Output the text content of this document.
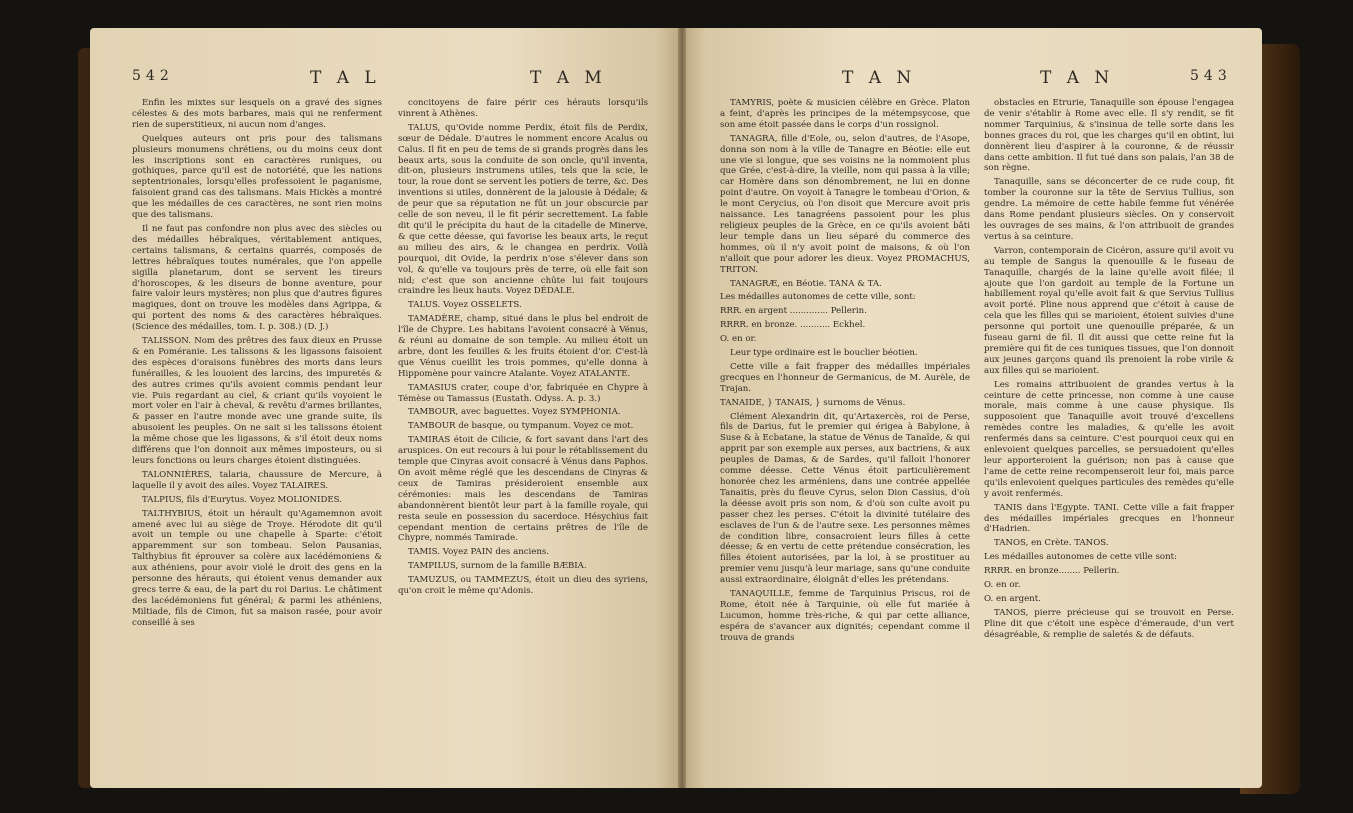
542	T A L	T A M

Enfin les mixtes sur lesquels on a gravé des signes célestes & des mots barbares, mais qui ne renferment rien de superstitieux, ni aucun nom d'anges.

Quelques auteurs ont pris pour des talismans plusieurs monumens chrétiens, ou du moins ceux dont les inscriptions sont en caractères runiques, ou gothiques, parce qu'il est de notoriété, que les nations septentrionales, lorsqu'elles professoient le paganisme, faisoient grand cas des talismans. Mais Hickès a montré que les médailles de ces caractères, ne sont rien moins que des talismans.

Il ne faut pas confondre non plus avec des siècles ou des médailles hébraïques, véritablement antiques, certains talismans, & certains quarrés, composés de lettres hébraïques toutes numérales, que l'on appelle sigilla planetarum, dont se servent les tireurs d'horoscopes, & les diseurs de bonne aventure, pour faire valoir leurs mystères; non plus que d'autres figures magiques, dont on trouve les modèles dans Agrippa, & qui portent des noms & des caractères hébraïques. (Science des médailles, tom. I. p. 308.) (D. J.)

TALISSON. Nom des prêtres des faux dieux en Prusse & en Poméranie. Les talissons & les ligassons faisoient des espèces d'oraisons funèbres des morts dans leurs funérailles, & les louoient des larcins, des impuretés & des autres crimes qu'ils avoient commis pendant leur vie. Puis regardant au ciel, & criant qu'ils voyoient le mort voler en l'air à cheval, & revêtu d'armes brillantes, & passer en l'autre monde avec une grande suite, ils abusoient les peuples. On ne sait si les talissons étoient la même chose que les ligassons, & s'il étoit deux noms différens que l'on donnoit aux mêmes imposteurs, ou si leurs fonctions ou leurs charges étoient distinguées.

TALONNIÈRES, talaria, chaussure de Mercure, à laquelle il y avoit des ailes. Voyez TALAIRES.

TALPIUS, fils d'Eurytus. Voyez MOLIONIDES.

TALTHYBIUS, étoit un hérault qu'Agamemnon avoit amené avec lui au siège de Troye. Hérodote dit qu'il avoit un temple ou une chapelle à Sparte: c'étoit apparemment sur son tombeau. Selon Pausanias, Talthybius fit éprouver sa colère aux lacédémoniens & aux athéniens, pour avoir violé le droit des gens en la personne des hérauts, qui étoient venus demander aux grecs terre & eau, de la part du roi Darius. Le châtiment des lacédémoniens fut général; & parmi les athéniens, Miltiade, fils de Cimon, fut sa maison rasée, pour avoir conseillé à ses

concitoyens de faire périr ces hérauts lorsqu'ils vinrent à Athènes.

TALUS, qu'Ovide nomme Perdix, étoit fils de Perdix, sœur de Dédale. D'autres le nomment encore Acalus ou Calus. Il fit en peu de tems de si grands progrès dans les beaux arts, sous la conduite de son oncle, qu'il inventa, dit-on, plusieurs instrumens utiles, tels que la scie, le tour, la roue dont se servent les potiers de terre, &c. Des inventions si utiles, donnèrent de la jalousie à Dédale; & de peur que sa réputation ne fût un jour obscurcie par celle de son neveu, il le fit périr secrettement. La fable dit qu'il le précipita du haut de la citadelle de Minerve, & que cette déesse, qui favorise les beaux arts, le reçut au milieu des airs, & le changea en perdrix. Voilà pourquoi, dit Ovide, la perdrix n'ose s'élever dans son vol, & qu'elle va toujours près de terre, où elle fait son nid; c'est que son ancienne chûte lui fait toujours craindre les lieux hauts. Voyez DÉDALE.

TALUS. Voyez OSSELETS.

TAMADÈRE, champ, situé dans le plus bel endroit de l'île de Chypre. Les habitans l'avoient consacré à Vénus, & réuni au domaine de son temple. Au milieu étoit un arbre, dont les feuilles & les fruits étoient d'or. C'est-là que Vénus cueillit les trois pommes, qu'elle donna à Hippomène pour vaincre Atalante. Voyez ATALANTE.

TAMASIUS crater, coupe d'or, fabriquée en Chypre à Témèse ou Tamassus (Eustath. Odyss. A. p. 3.)

TAMBOUR, avec baguettes. Voyez SYMPHONIA.

TAMBOUR de basque, ou tympanum. Voyez ce mot.

TAMIRAS étoit de Cilicie, & fort savant dans l'art des aruspices. On eut recours à lui pour le rétablissement du temple que Cinyras avoit consacré à Vénus dans Paphos. On avoit même réglé que les descendans de Cinyras & ceux de Tamiras présideroient ensemble aux cérémonies: mais les descendans de Tamiras abandonnèrent bientôt leur part à la famille royale, qui resta seule en possession du sacerdoce. Hésychius fait cependant mention de certains prêtres de l'île de Chypre, nommés Tamirade.

TAMIS. Voyez PAIN des anciens.

TAMPILUS, surnom de la famille BÆBIA.

TAMUZUS, ou TAMMEZUS, étoit un dieu des syriens, qu'on croit le même qu'Adonis.

T A N	T A N	543

TAMYRIS, poète & musicien célèbre en Grèce. Platon a feint, d'après les principes de la métempsycose, que son ame étoit passée dans le corps d'un rossignol.

TANAGRA, fille d'Eole, ou, selon d'autres, de l'Asope, donna son nom à la ville de Tanagre en Béotie: elle eut une vie si longue, que ses voisins ne la nommoient plus que Grée, c'est-à-dire, la vieille, nom qui passa à la ville; car Homère dans son dénombrement, ne lui en donne point d'autre. On voyoit à Tanagre le tombeau d'Orion, & le mont Cerycius, où l'on disoit que Mercure avoit pris naissance. Les tanagréens passoient pour les plus religieux peuples de la Grèce, en ce qu'ils avoient bâti leur temple dans un lieu séparé du commerce des hommes, où il n'y avoit point de maisons, & où l'on n'alloit que pour adorer les dieux. Voyez PROMACHUS, TRITON.

TANAGRÆ, en Béotie. TANA & TA.

Les médailles autonomes de cette ville, sont:

RRR. en argent .............. Pellerin.

RRRR. en bronze. ........... Eckhel.

O. en or.

Leur type ordinaire est le bouclier béotien.

Cette ville a fait frapper des médailles impériales grecques en l'honneur de Germanicus, de M. Aurèle, de Trajan.

TANAIDE, } TANAIS, } surnoms de Vénus.

Clément Alexandrin dit, qu'Artaxercès, roi de Perse, fils de Darius, fut le premier qui érigea à Babylone, à Suse & à Ecbatane, la statue de Vénus de Tanaïde, & qui apprit par son exemple aux perses, aux bactriens, & aux peuples de Damas, & de Sardes, qu'il falloit l'honorer comme déesse. Cette Vénus étoit particulièrement honorée chez les arméniens, dans une contrée appellée Tanaitis, près du fleuve Cyrus, selon Dion Cassius, d'où la déesse avoit pris son nom, & d'où son culte avoit pu passer chez les perses. C'étoit la divinité tutélaire des esclaves de l'un & de l'autre sexe. Les personnes mêmes de condition libre, consacroient leurs filles à cette déesse; & en vertu de cette prétendue consécration, les filles étoient autorisées, par la loi, à se prostituer au premier venu jusqu'à leur mariage, sans qu'une conduite aussi extraordinaire, éloignât d'elles les prétendans.

TANAQUILLE, femme de Tarquinius Priscus, roi de Rome, étoit née à Tarquinie, où elle fut mariée à Lucumon, homme très-riche, & qui par cette alliance, espéra de s'avancer aux dignités; cependant comme il trouva de grands

obstacles en Etrurie, Tanaquille son épouse l'engagea de venir s'établir à Rome avec elle. Il s'y rendit, se fit nommer Tarquinius, & s'insinua de telle sorte dans les bonnes graces du roi, que les charges qu'il en obtint, lui donnèrent lieu d'aspirer à la couronne, & de réussir dans cette ambition. Il fut tué dans son palais, l'an 38 de son règne.

Tanaquille, sans se déconcerter de ce rude coup, fit tomber la couronne sur la tête de Servius Tullius, son gendre. La mémoire de cette habile femme fut vénérée dans Rome pendant plusieurs siècles. On y conservoit les ouvrages de ses mains, & l'on attribuoit de grandes vertus à sa ceinture.

Varron, contemporain de Cicéron, assure qu'il avoit vu au temple de Sangus la quenouille & le fuseau de Tanaquille, chargés de la laine qu'elle avoit filée; il ajoute que l'on gardoit au temple de la Fortune un habillement royal qu'elle avoit fait & que Servius Tullius avoit porté. Pline nous apprend que c'étoit à cause de cela que les filles qui se marioient, étoient suivies d'une personne qui portoit une quenouille préparée, & un fuseau garni de fil. Il dit aussi que cette reine fut la première qui fit de ces tuniques tissues, que l'on donnoit aux jeunes garçons quand ils prenoient la robe virile & aux filles qui se marioient.

Les romains attribuoient de grandes vertus à la ceinture de cette princesse, non comme à une cause morale, mais comme à une cause physique. Ils supposoient que Tanaquille avoit trouvé d'excellens remèdes contre les maladies, & qu'elle les avoit renfermés dans sa ceinture. C'est pourquoi ceux qui en enlevoient quelques parcelles, se persuadoient qu'elles leur apporteroient la guérison; non pas à cause que l'ame de cette reine recompenseroit leur foi, mais parce qu'ils enlevoient quelques particules des remèdes qu'elle y avoit renfermés.

TANIS dans l'Egypte. TANI. Cette ville a fait frapper des médailles impériales grecques en l'honneur d'Hadrien.

TANOS, en Crète. TANOS.

Les médailles autonomes de cette ville sont:

RRRR. en bronze........ Pellerin.

O. en or.

O. en argent.

TANOS, pierre précieuse qui se trouvoit en Perse. Pline dit que c'étoit une espèce d'émeraude, d'un vert désagréable, & remplie de saletés & de défauts.
